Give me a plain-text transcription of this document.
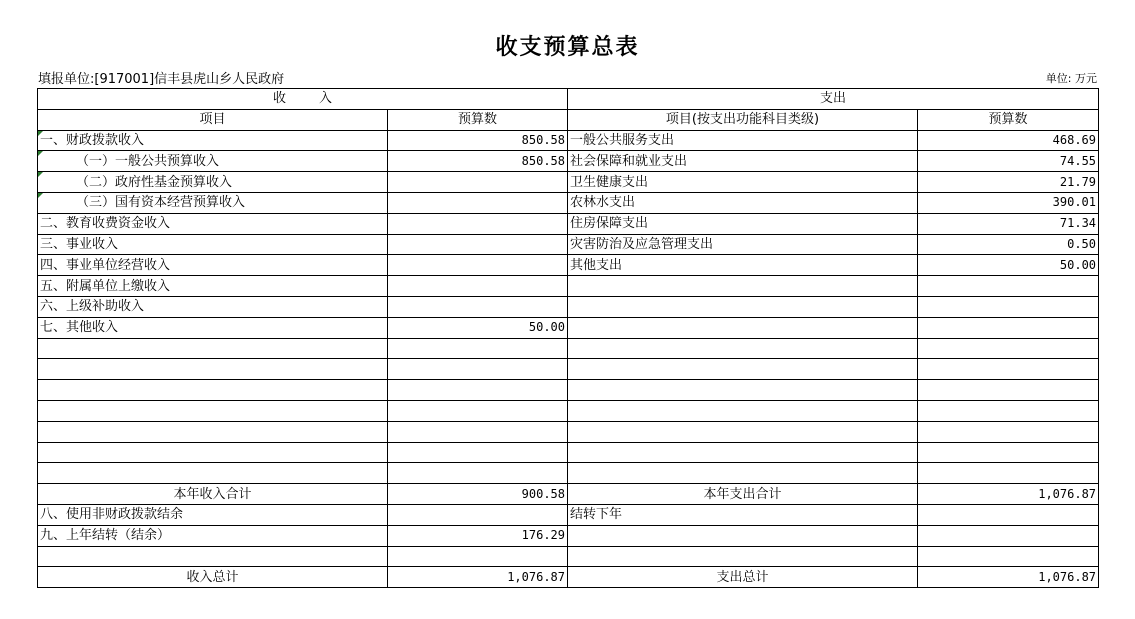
收支预算总表
填报单位:[917001]信丰县虎山乡人民政府	单位: 万元
收        入		支出	
项目	预算数	项目(按支出功能科目类级)	预算数
一、财政拨款收入	850.58	一般公共服务支出	468.69
（一）一般公共预算收入	850.58	社会保障和就业支出	74.55
（二）政府性基金预算收入		卫生健康支出	21.79
（三）国有资本经营预算收入		农林水支出	390.01
二、教育收费资金收入		住房保障支出	71.34
三、事业收入		灾害防治及应急管理支出	0.50
四、事业单位经营收入		其他支出	50.00
五、附属单位上缴收入			
六、上级补助收入			
七、其他收入	50.00		

本年收入合计	900.58	本年支出合计	1,076.87
八、使用非财政拨款结余		结转下年	
九、上年结转（结余）	176.29		

收入总计	1,076.87	支出总计	1,076.87
